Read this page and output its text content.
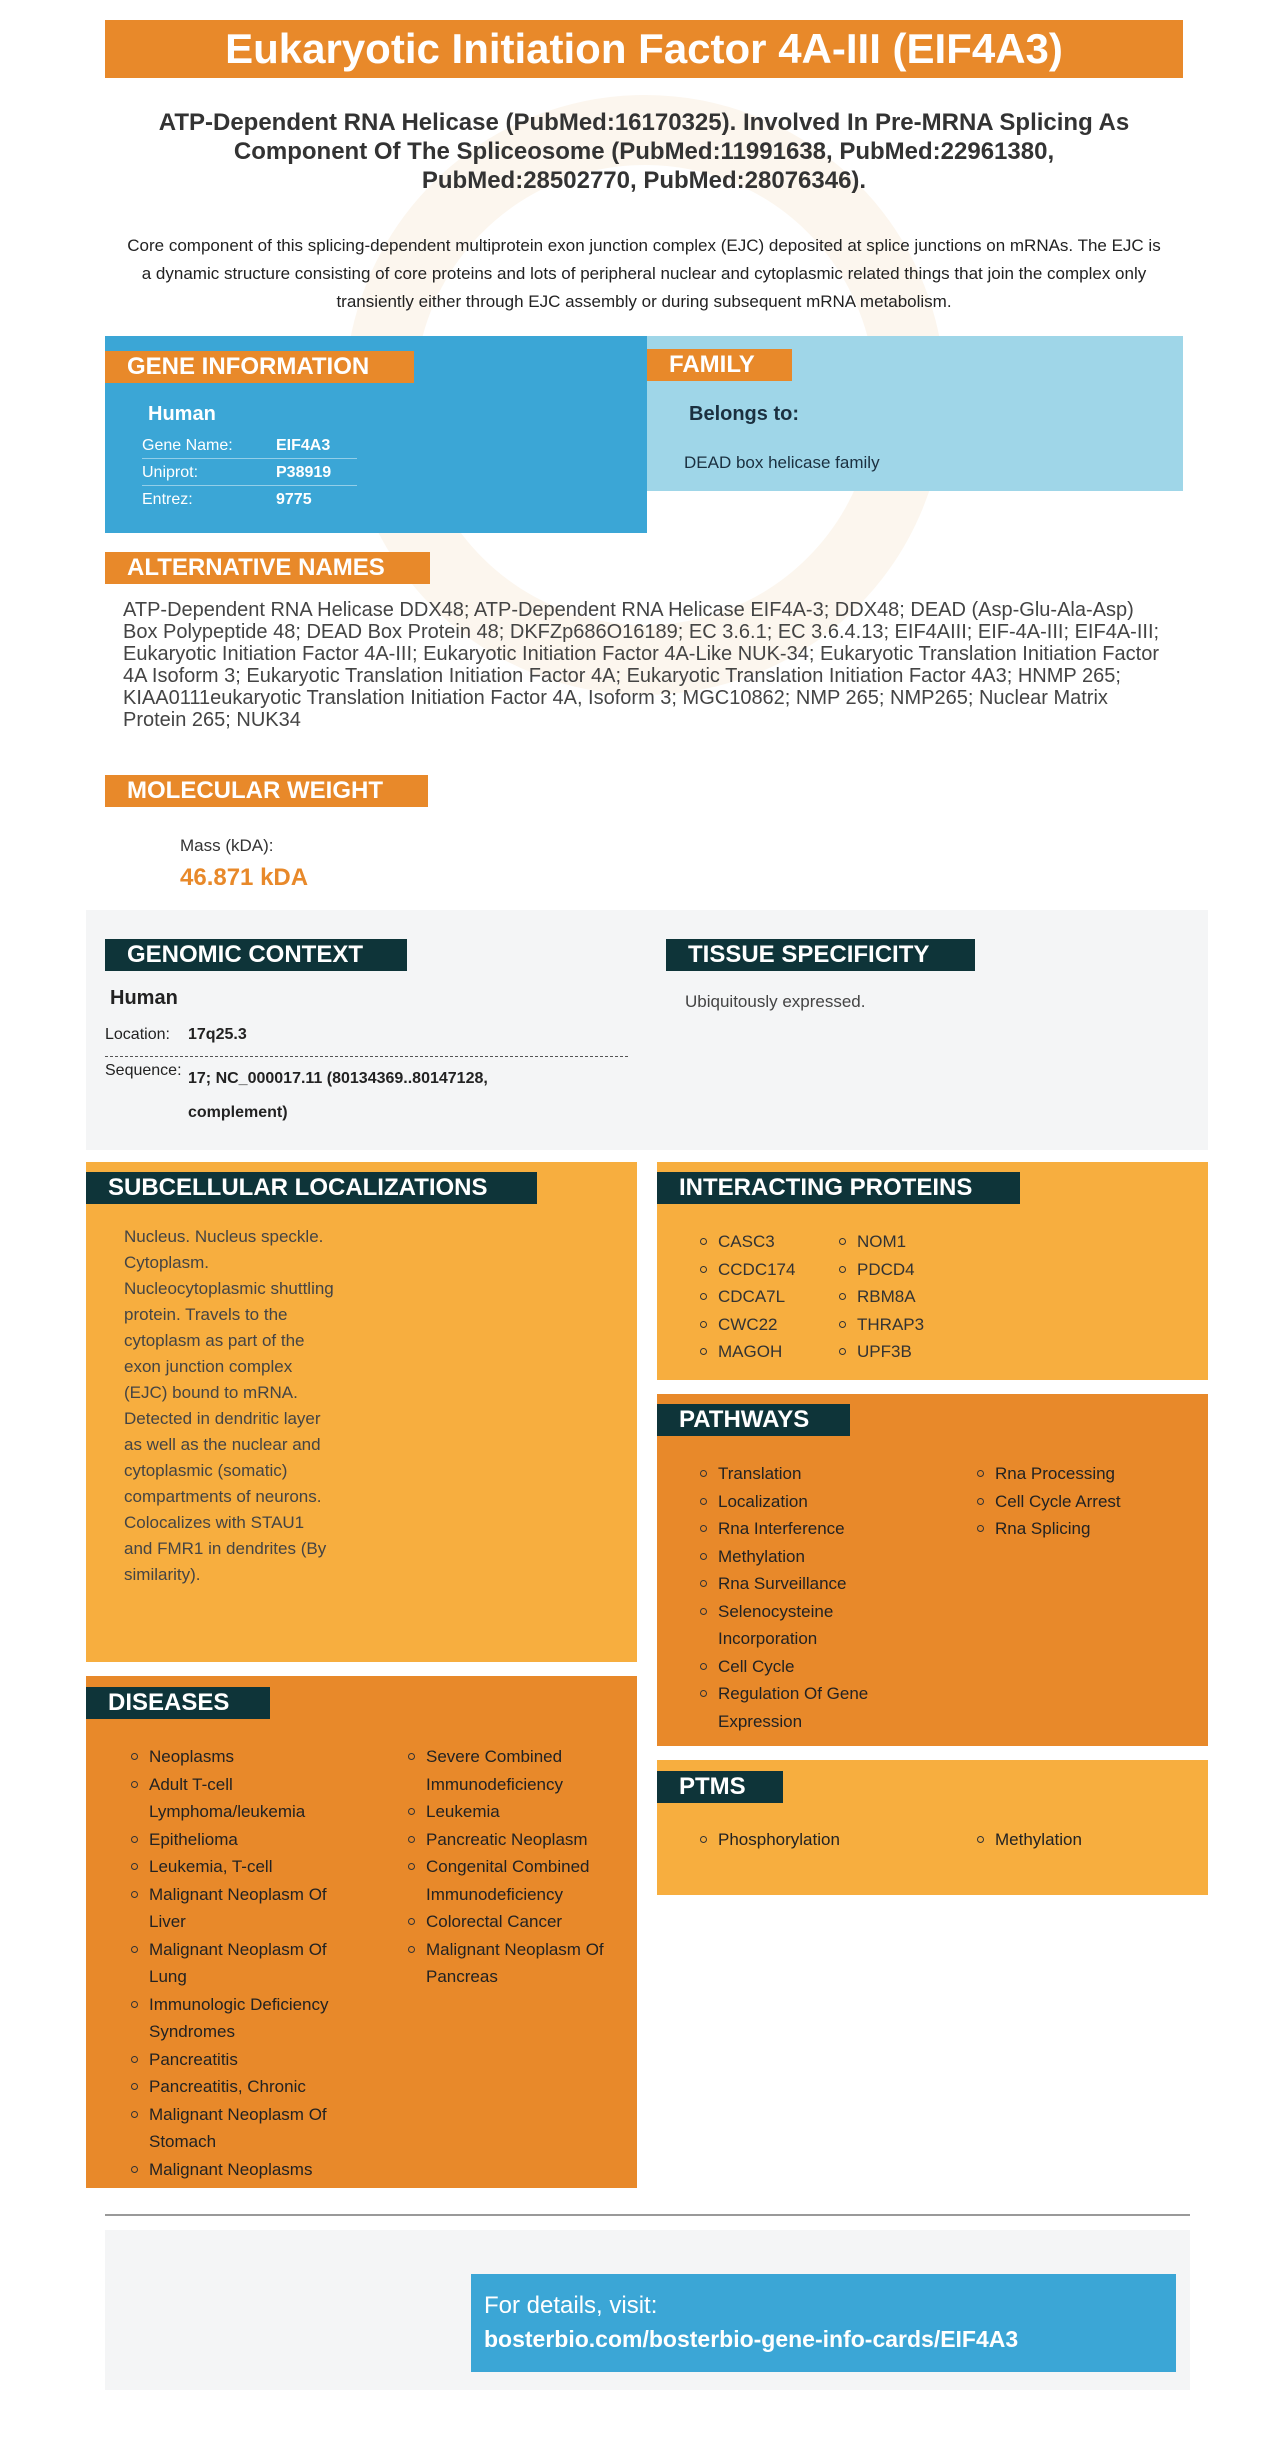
Eukaryotic Initiation Factor 4A-III (EIF4A3)
ATP-Dependent RNA Helicase (PubMed:16170325). Involved In Pre-MRNA Splicing As Component Of The Spliceosome (PubMed:11991638, PubMed:22961380, PubMed:28502770, PubMed:28076346).
Core component of this splicing-dependent multiprotein exon junction complex (EJC) deposited at splice junctions on mRNAs. The EJC is a dynamic structure consisting of core proteins and lots of peripheral nuclear and cytoplasmic related things that join the complex only transiently either through EJC assembly or during subsequent mRNA metabolism.
GENE INFORMATION
Human
Gene Name:	EIF4A3
Uniprot:	P38919
Entrez:	9775
FAMILY
Belongs to:
DEAD box helicase family
ALTERNATIVE NAMES
ATP-Dependent RNA Helicase DDX48; ATP-Dependent RNA Helicase EIF4A-3; DDX48; DEAD (Asp-Glu-Ala-Asp) Box Polypeptide 48; DEAD Box Protein 48; DKFZp686O16189; EC 3.6.1; EC 3.6.4.13; EIF4AIII; EIF-4A-III; EIF4A-III; Eukaryotic Initiation Factor 4A-III; Eukaryotic Initiation Factor 4A-Like NUK-34; Eukaryotic Translation Initiation Factor 4A Isoform 3; Eukaryotic Translation Initiation Factor 4A; Eukaryotic Translation Initiation Factor 4A3; HNMP 265; KIAA0111eukaryotic Translation Initiation Factor 4A, Isoform 3; MGC10862; NMP 265; NMP265; Nuclear Matrix Protein 265; NUK34
MOLECULAR WEIGHT
Mass (kDA):
46.871 kDA
GENOMIC CONTEXT
Human
Location: 17q25.3
Sequence: 17; NC_000017.11 (80134369..80147128, complement)
TISSUE SPECIFICITY
Ubiquitously expressed.
SUBCELLULAR LOCALIZATIONS
Nucleus. Nucleus speckle. Cytoplasm. Nucleocytoplasmic shuttling protein. Travels to the cytoplasm as part of the exon junction complex (EJC) bound to mRNA. Detected in dendritic layer as well as the nuclear and cytoplasmic (somatic) compartments of neurons. Colocalizes with STAU1 and FMR1 in dendrites (By similarity).
INTERACTING PROTEINS
CASC3
CCDC174
CDCA7L
CWC22
MAGOH
NOM1
PDCD4
RBM8A
THRAP3
UPF3B
PATHWAYS
Translation
Localization
Rna Interference
Methylation
Rna Surveillance
Selenocysteine Incorporation
Cell Cycle
Regulation Of Gene Expression
Rna Processing
Cell Cycle Arrest
Rna Splicing
PTMS
Phosphorylation	Methylation
DISEASES
Neoplasms
Adult T-cell Lymphoma/leukemia
Epithelioma
Leukemia, T-cell
Malignant Neoplasm Of Liver
Malignant Neoplasm Of Lung
Immunologic Deficiency Syndromes
Pancreatitis
Pancreatitis, Chronic
Malignant Neoplasm Of Stomach
Malignant Neoplasms
Severe Combined Immunodeficiency
Leukemia
Pancreatic Neoplasm
Congenital Combined Immunodeficiency
Colorectal Cancer
Malignant Neoplasm Of Pancreas
For details, visit:
bosterbio.com/bosterbio-gene-info-cards/EIF4A3
